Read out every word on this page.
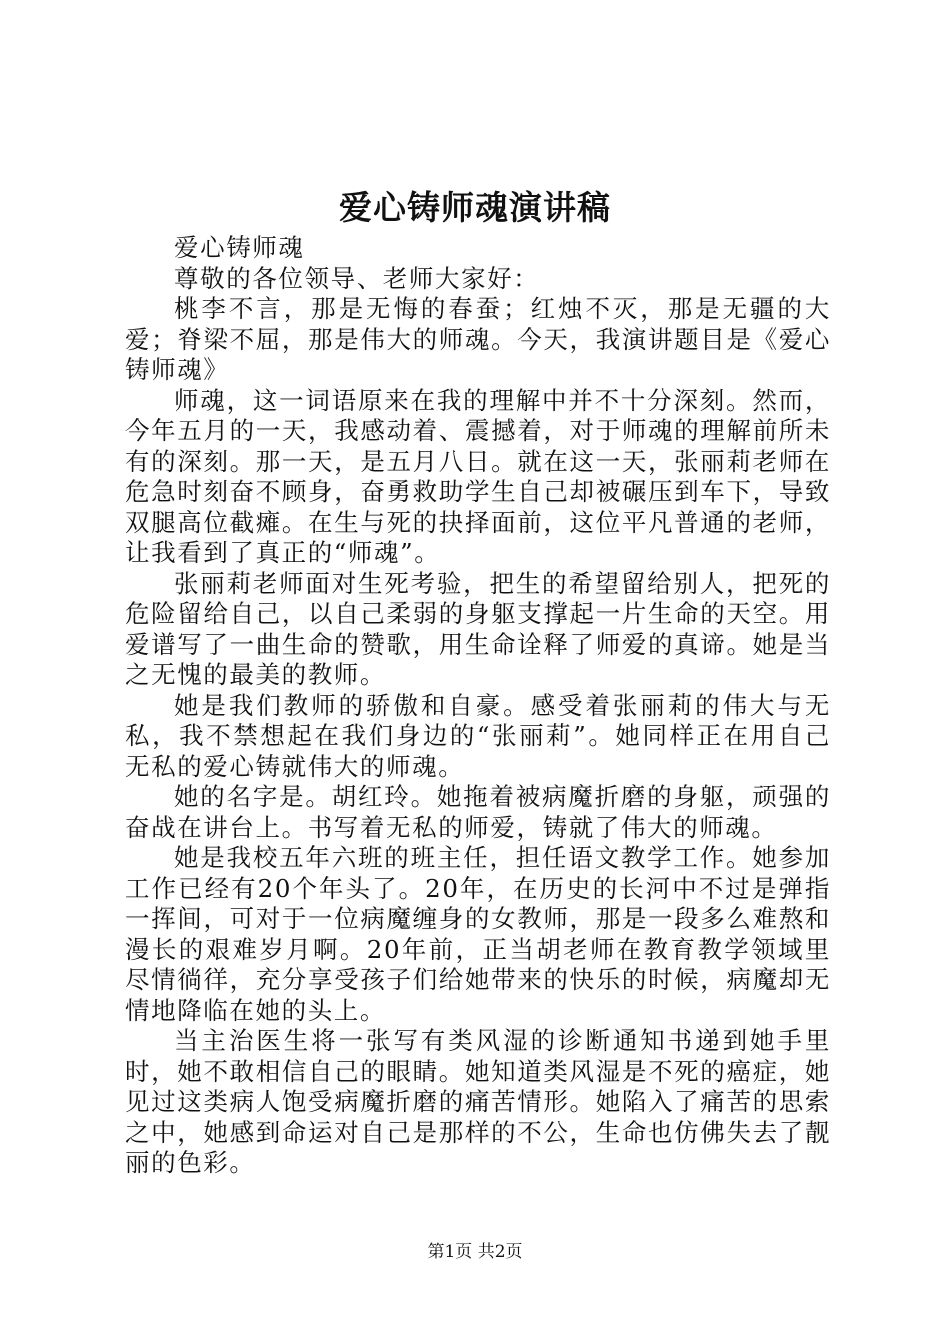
爱心铸师魂演讲稿

爱心铸师魂

尊敬的各位领导、老师大家好：

桃李不言，那是无悔的春蚕；红烛不灭，那是无疆的大爱；脊梁不屈，那是伟大的师魂。今天，我演讲题目是《爱心铸师魂》

师魂，这一词语原来在我的理解中并不十分深刻。然而，今年五月的一天，我感动着、震撼着，对于师魂的理解前所未有的深刻。那一天，是五月八日。就在这一天，张丽莉老师在危急时刻奋不顾身，奋勇救助学生自己却被碾压到车下，导致双腿高位截瘫。在生与死的抉择面前，这位平凡普通的老师，让我看到了真正的“师魂”。

张丽莉老师面对生死考验，把生的希望留给别人，把死的危险留给自己，以自己柔弱的身躯支撑起一片生命的天空。用爱谱写了一曲生命的赞歌，用生命诠释了师爱的真谛。她是当之无愧的最美的教师。

她是我们教师的骄傲和自豪。感受着张丽莉的伟大与无私，我不禁想起在我们身边的“张丽莉”。她同样正在用自己无私的爱心铸就伟大的师魂。

她的名字是。胡红玲。她拖着被病魔折磨的身躯，顽强的奋战在讲台上。书写着无私的师爱，铸就了伟大的师魂。

她是我校五年六班的班主任，担任语文教学工作。她参加工作已经有20个年头了。20年，在历史的长河中不过是弹指一挥间，可对于一位病魔缠身的女教师，那是一段多么难熬和漫长的艰难岁月啊。20年前，正当胡老师在教育教学领域里尽情徜徉，充分享受孩子们给她带来的快乐的时候，病魔却无情地降临在她的头上。

当主治医生将一张写有类风湿的诊断通知书递到她手里时，她不敢相信自己的眼睛。她知道类风湿是不死的癌症，她见过这类病人饱受病魔折磨的痛苦情形。她陷入了痛苦的思索之中，她感到命运对自己是那样的不公，生命也仿佛失去了靓丽的色彩。

第1页 共2页
